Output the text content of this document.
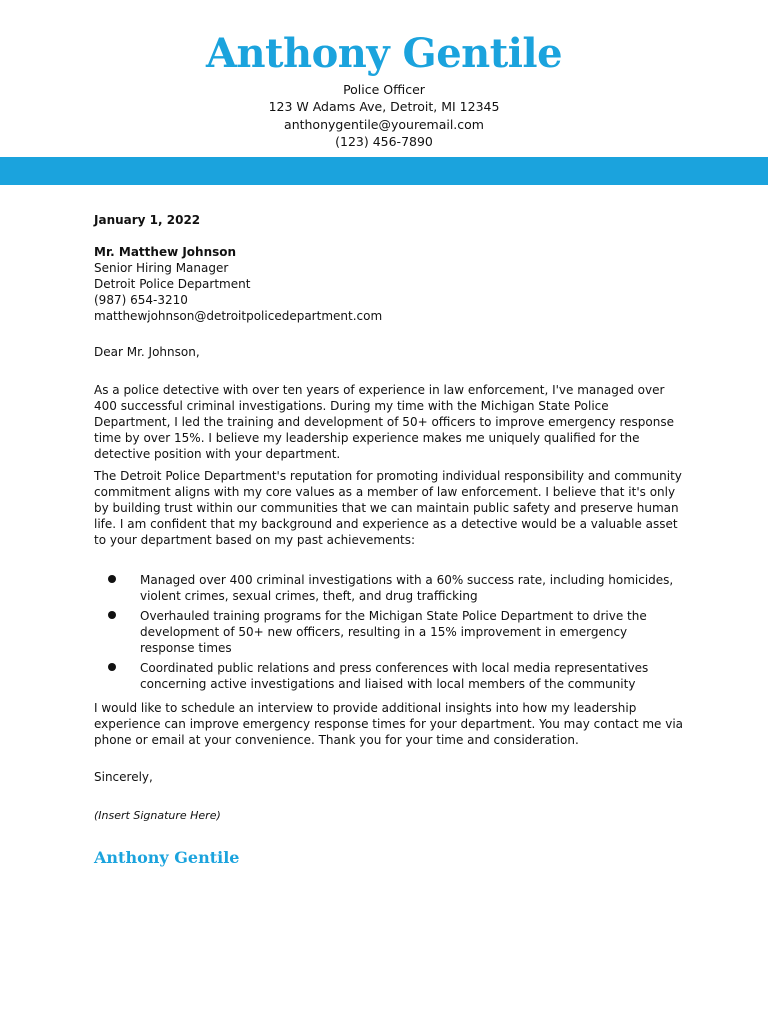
Anthony Gentile
Police Officer
123 W Adams Ave, Detroit, MI 12345
anthonygentile@youremail.com
(123) 456-7890
January 1, 2022
Mr. Matthew Johnson
Senior Hiring Manager
Detroit Police Department
(987) 654-3210
matthewjohnson@detroitpolicedepartment.com
Dear Mr. Johnson,

As a police detective with over ten years of experience in law enforcement, I've managed over 400 successful criminal investigations. During my time with the Michigan State Police Department, I led the training and development of 50+ officers to improve emergency response time by over 15%. I believe my leadership experience makes me uniquely qualified for the detective position with your department.

The Detroit Police Department's reputation for promoting individual responsibility and community commitment aligns with my core values as a member of law enforcement. I believe that it's only by building trust within our communities that we can maintain public safety and preserve human life. I am confident that my background and experience as a detective would be a valuable asset to your department based on my past achievements:

Managed over 400 criminal investigations with a 60% success rate, including homicides, violent crimes, sexual crimes, theft, and drug trafficking
Overhauled training programs for the Michigan State Police Department to drive the development of 50+ new officers, resulting in a 15% improvement in emergency response times
Coordinated public relations and press conferences with local media representatives concerning active investigations and liaised with local members of the community

I would like to schedule an interview to provide additional insights into how my leadership experience can improve emergency response times for your department. You may contact me via phone or email at your convenience. Thank you for your time and consideration.

Sincerely,
(Insert Signature Here)
Anthony Gentile
